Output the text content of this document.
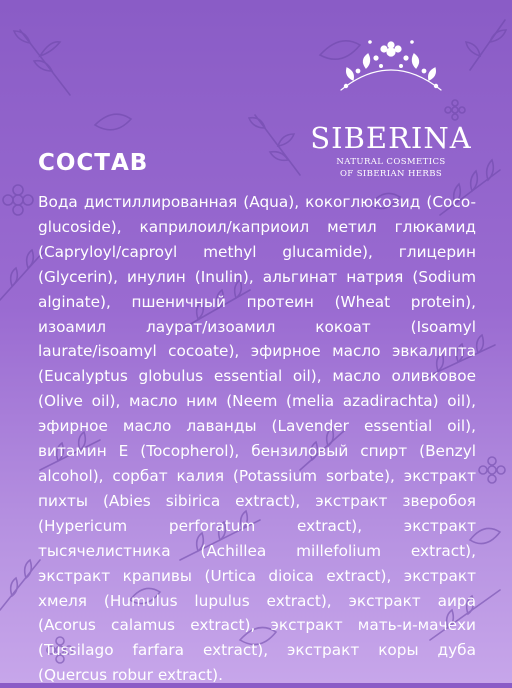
SIBERINA
NATURAL COSMETICS
OF SIBERIAN HERBS
СОСТАВ
Вода дистиллированная (Aqua), кокоглюкозид (Coco-glucoside), каприлоил/каприоил метил глюкамид (Capryloyl/caproyl methyl glucamide), глицерин (Glycerin), инулин (Inulin), альгинат натрия (Sodium alginate), пшеничный протеин (Wheat protein), изоамил лаурат/изоамил кокоат (Isoamyl laurate/isoamyl cocoate), эфирное масло эвкалипта (Eucalyptus globulus essential oil), масло оливковое (Olive oil), масло ним (Neem (melia azadirachta) oil), эфирное масло лаванды (Lavender essential oil), витамин Е (Tocopherol), бензиловый спирт (Benzyl alcohol), сорбат калия (Potassium sorbate), экстракт пихты (Abies sibirica extract), экстракт зверобоя (Hypericum perforatum extract), экстракт тысячелистника (Achillea millefolium extract), экстракт крапивы (Urtica dioica extract), экстракт хмеля (Humulus lupulus extract), экстракт аира (Acorus calamus extract), экстракт мать-и-мачехи (Tussilago farfara extract), экстракт коры дуба (Quercus robur extract).
